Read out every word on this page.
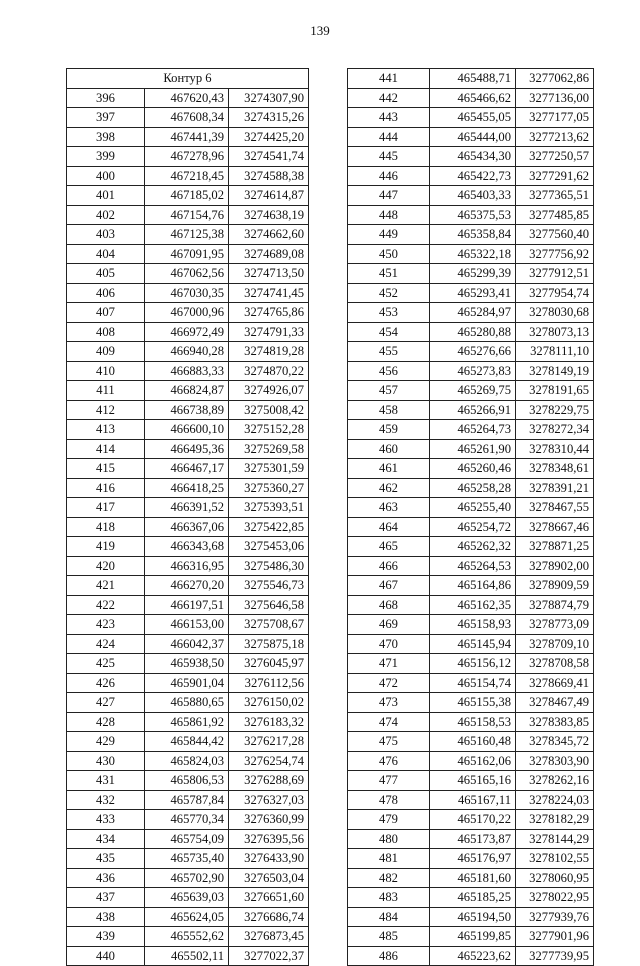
139
Контур 6		
396	467620,43	3274307,90
397	467608,34	3274315,26
398	467441,39	3274425,20
399	467278,96	3274541,74
400	467218,45	3274588,38
401	467185,02	3274614,87
402	467154,76	3274638,19
403	467125,38	3274662,60
404	467091,95	3274689,08
405	467062,56	3274713,50
406	467030,35	3274741,45
407	467000,96	3274765,86
408	466972,49	3274791,33
409	466940,28	3274819,28
410	466883,33	3274870,22
411	466824,87	3274926,07
412	466738,89	3275008,42
413	466600,10	3275152,28
414	466495,36	3275269,58
415	466467,17	3275301,59
416	466418,25	3275360,27
417	466391,52	3275393,51
418	466367,06	3275422,85
419	466343,68	3275453,06
420	466316,95	3275486,30
421	466270,20	3275546,73
422	466197,51	3275646,58
423	466153,00	3275708,67
424	466042,37	3275875,18
425	465938,50	3276045,97
426	465901,04	3276112,56
427	465880,65	3276150,02
428	465861,92	3276183,32
429	465844,42	3276217,28
430	465824,03	3276254,74
431	465806,53	3276288,69
432	465787,84	3276327,03
433	465770,34	3276360,99
434	465754,09	3276395,56
435	465735,40	3276433,90
436	465702,90	3276503,04
437	465639,03	3276651,60
438	465624,05	3276686,74
439	465552,62	3276873,45
440	465502,11	3277022,37
441	465488,71	3277062,86
442	465466,62	3277136,00
443	465455,05	3277177,05
444	465444,00	3277213,62
445	465434,30	3277250,57
446	465422,73	3277291,62
447	465403,33	3277365,51
448	465375,53	3277485,85
449	465358,84	3277560,40
450	465322,18	3277756,92
451	465299,39	3277912,51
452	465293,41	3277954,74
453	465284,97	3278030,68
454	465280,88	3278073,13
455	465276,66	3278111,10
456	465273,83	3278149,19
457	465269,75	3278191,65
458	465266,91	3278229,75
459	465264,73	3278272,34
460	465261,90	3278310,44
461	465260,46	3278348,61
462	465258,28	3278391,21
463	465255,40	3278467,55
464	465254,72	3278667,46
465	465262,32	3278871,25
466	465264,53	3278902,00
467	465164,86	3278909,59
468	465162,35	3278874,79
469	465158,93	3278773,09
470	465145,94	3278709,10
471	465156,12	3278708,58
472	465154,74	3278669,41
473	465155,38	3278467,49
474	465158,53	3278383,85
475	465160,48	3278345,72
476	465162,06	3278303,90
477	465165,16	3278262,16
478	465167,11	3278224,03
479	465170,22	3278182,29
480	465173,87	3278144,29
481	465176,97	3278102,55
482	465181,60	3278060,95
483	465185,25	3278022,95
484	465194,50	3277939,76
485	465199,85	3277901,96
486	465223,62	3277739,95
